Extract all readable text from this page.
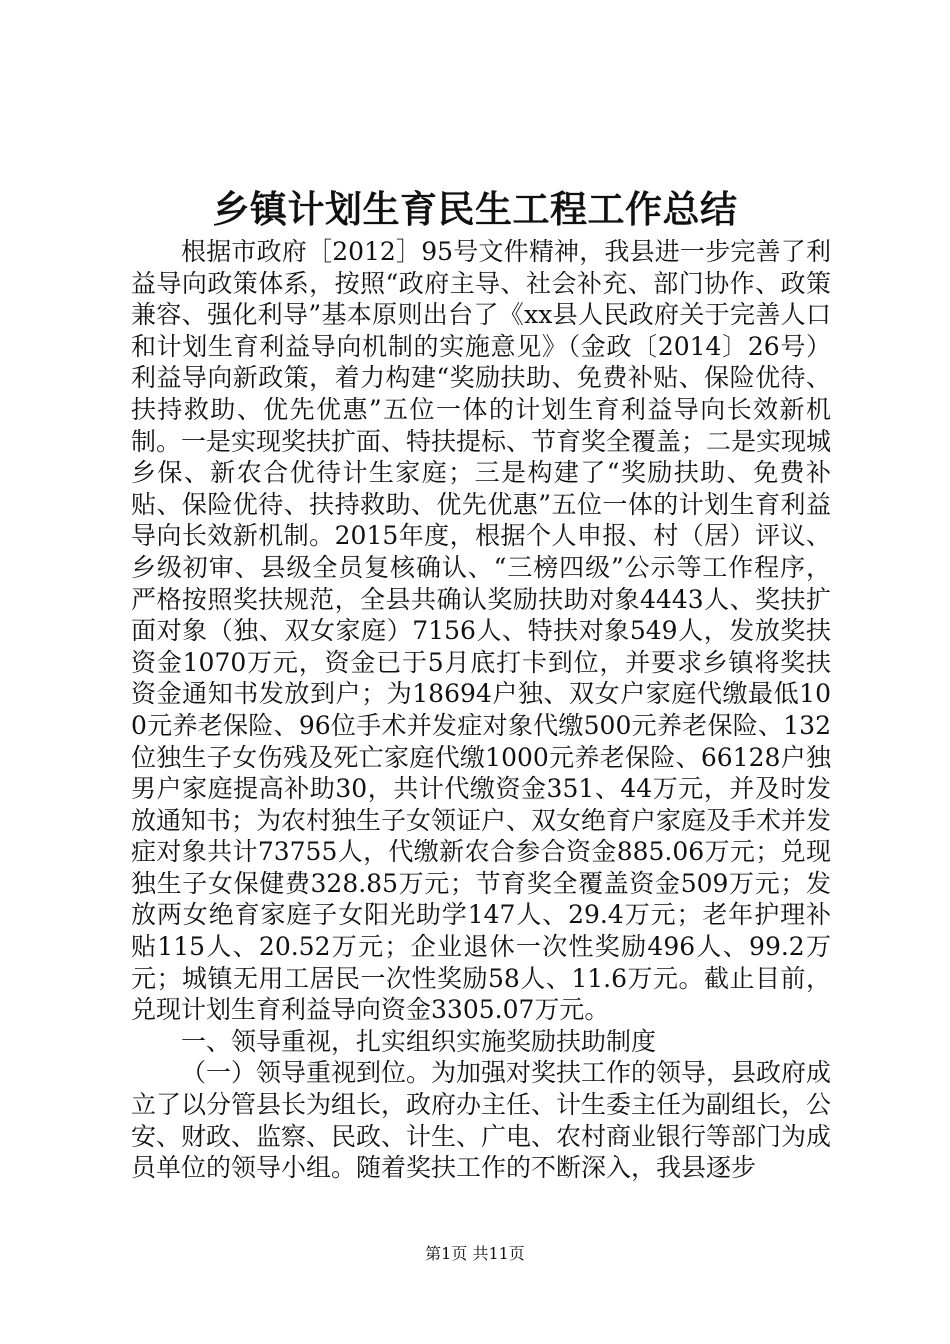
乡镇计划生育民生工程工作总结

根据市政府［2012］95号文件精神，我县进一步完善了利益导向政策体系，按照“政府主导、社会补充、部门协作、政策兼容、强化利导”基本原则出台了《xx县人民政府关于完善人口和计划生育利益导向机制的实施意见》（金政〔2014〕26号）利益导向新政策，着力构建“奖励扶助、免费补贴、保险优待、扶持救助、优先优惠”五位一体的计划生育利益导向长效新机制。一是实现奖扶扩面、特扶提标、节育奖全覆盖；二是实现城乡保、新农合优待计生家庭；三是构建了“奖励扶助、免费补贴、保险优待、扶持救助、优先优惠”五位一体的计划生育利益导向长效新机制。2015年度，根据个人申报、村（居）评议、乡级初审、县级全员复核确认、“三榜四级”公示等工作程序，严格按照奖扶规范，全县共确认奖励扶助对象4443人、奖扶扩面对象（独、双女家庭）7156人、特扶对象549人，发放奖扶资金1070万元，资金已于5月底打卡到位，并要求乡镇将奖扶资金通知书发放到户；为18694户独、双女户家庭代缴最低100元养老保险、96位手术并发症对象代缴500元养老保险、132位独生子女伤残及死亡家庭代缴1000元养老保险、66128户独男户家庭提高补助30，共计代缴资金351、44万元，并及时发放通知书；为农村独生子女领证户、双女绝育户家庭及手术并发症对象共计73755人，代缴新农合参合资金885.06万元；兑现独生子女保健费328.85万元；节育奖全覆盖资金509万元；发放两女绝育家庭子女阳光助学147人、29.4万元；老年护理补贴115人、20.52万元；企业退休一次性奖励496人、99.2万元；城镇无用工居民一次性奖励58人、11.6万元。截止目前，兑现计划生育利益导向资金3305.07万元。

一、领导重视，扎实组织实施奖励扶助制度

（一）领导重视到位。为加强对奖扶工作的领导，县政府成立了以分管县长为组长，政府办主任、计生委主任为副组长，公安、财政、监察、民政、计生、广电、农村商业银行等部门为成员单位的领导小组。随着奖扶工作的不断深入，我县逐步

第1页 共11页
